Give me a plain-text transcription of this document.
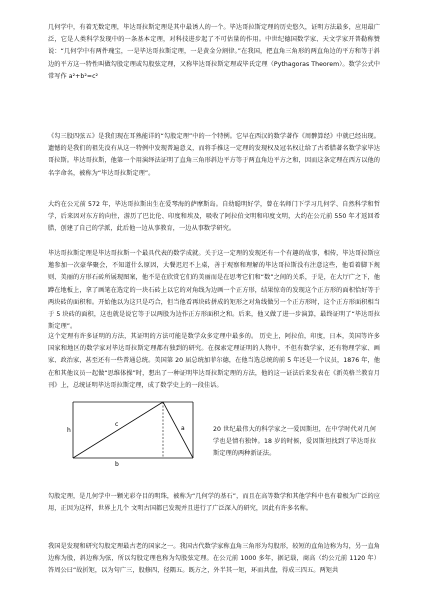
几何学中，有着无数定理，毕达哥拉斯定理是其中最诱人的一个。毕达哥拉斯定理的历史悠久，证明方法最多，应用最广泛，它是人类科学发现中的一条基本定理，对科技进步起了不可估量的作用。中世纪德国数学家、天文学家开普勒称赞说：“几何学中有两件瑰宝，一是毕达哥拉斯定理，一是黄金分割律。”在我国，把直角三角形的两直角边的平方和等于斜边的平方这一特性叫做勾股定理或勾股弦定理，又称毕达哥拉斯定理或毕氏定理（Pythagoras Theorem）。数学公式中常写作 a²+b²=c²

《勾三股四弦五》是我们现在耳熟能详的“勾股定理”中的一个特例。它早在西汉的数学著作《周髀算经》中就已经出现。遗憾的是我们的祖先没有从这一特例中发现普遍意义，而将手推这一定理的发现权及冠名权让给了古希腊著名数学家毕达哥拉斯。毕达哥拉斯，他第一个用演绎法证明了直角三角形斜边平方等于两直角边平方之和，因而这条定理在西方以他的名字命名，被称为“毕达哥拉斯定理”。

大约在公元前 572 年，毕达哥拉斯出生在爱琴海的萨摩斯岛。自幼聪明好学，曾在名师门下学习几何学、自然科学和哲学，后来因对东方的向往，游历了巴比伦、印度和埃及，吸收了阿拉伯文明和印度文明，大约在公元前 550 年才返回希腊，创建了自己的学派，此后他一边从事教育，一边从事数学研究。

毕达哥拉斯定理是毕达哥拉斯一个最具代表的数学成就。关于这一定理的发现还有一个有趣的故事，相传，毕达哥拉斯应邀参加一次豪华聚会，不知道什么原因，大餐迟迟不上桌，善于观察和理解的毕达哥拉斯没有注意这些，他看着脚下规则、美丽的方形石砖所展现图案，他不是在欣赏它们的美丽而是在思考它们和“数”之间的关系，于是，在大厅广之下，他蹲在地板上，拿了画笔在选定的一块石砖上以它的对角线为边画一个正方形，结果惊奇的发现这个正方形的面积恰好等于两块砖的面积和。开始他以为这只是巧合，但当他看再块砖拼成的矩形之对角线做另一个正方形时，这个正方形面积相当于 5 块砖的面积，这也就是说它等于以两股为边作正方形面积之和。后来，他又做了进一步演算，最终证明了“毕达哥拉斯定理”。

这个定理有许多证明的方法，其证明的方法可能是数学众多定理中最多的。 历史上，阿拉伯，印度，日本，美国等许多国家和地区的数学家对毕达哥拉斯定理都有独到的研究。在探索定理证明的人物中，不但有数学家，还有物理学家、画家、政治家，甚至还有一些普通总统。美国第 20 届总统加菲尔德，在他当选总统的前 5 年还是一个议员，1876 年，他在和其他议员一起做“思维体操”时，想出了一种证明毕达哥拉斯定理的方法，他的这一证法后来发表在《新英格兰教育月刊》上，总统证明毕达哥拉斯定理，成了数学史上的一段佳话。

h
b
c
a	20 世纪最伟大的科学家之一爱因斯坦，在中学时代对几何学也是情有独钟。18 岁的时候，爱因斯坦找到了毕达哥拉斯定理的两种新证法。

勾股定理，是几何学中一颗光彩夺目的明珠，被称为“几何学的基石”，而且在高等数学和其他学科中也有着极为广泛的应用，正因为这样，世界上几个 文明古国都已发现并且进行了广泛深入的研究，因此有许多名称。

我国是发现和研究勾股定理最古老的国家之一。我国古代数学家称直角三角形为勾股形，较短的直角边称为勾，另一直角边称为股，斜边称为弦，所以勾股定理也称为勾股弦定理。在公元前 1000 多年，据记载，商高（约公元前 1120 年）答周公曰“故折矩，以为句广三，股修四，径隅五。既方之，外半其一矩，环而共盘，得成三四五。两矩共
